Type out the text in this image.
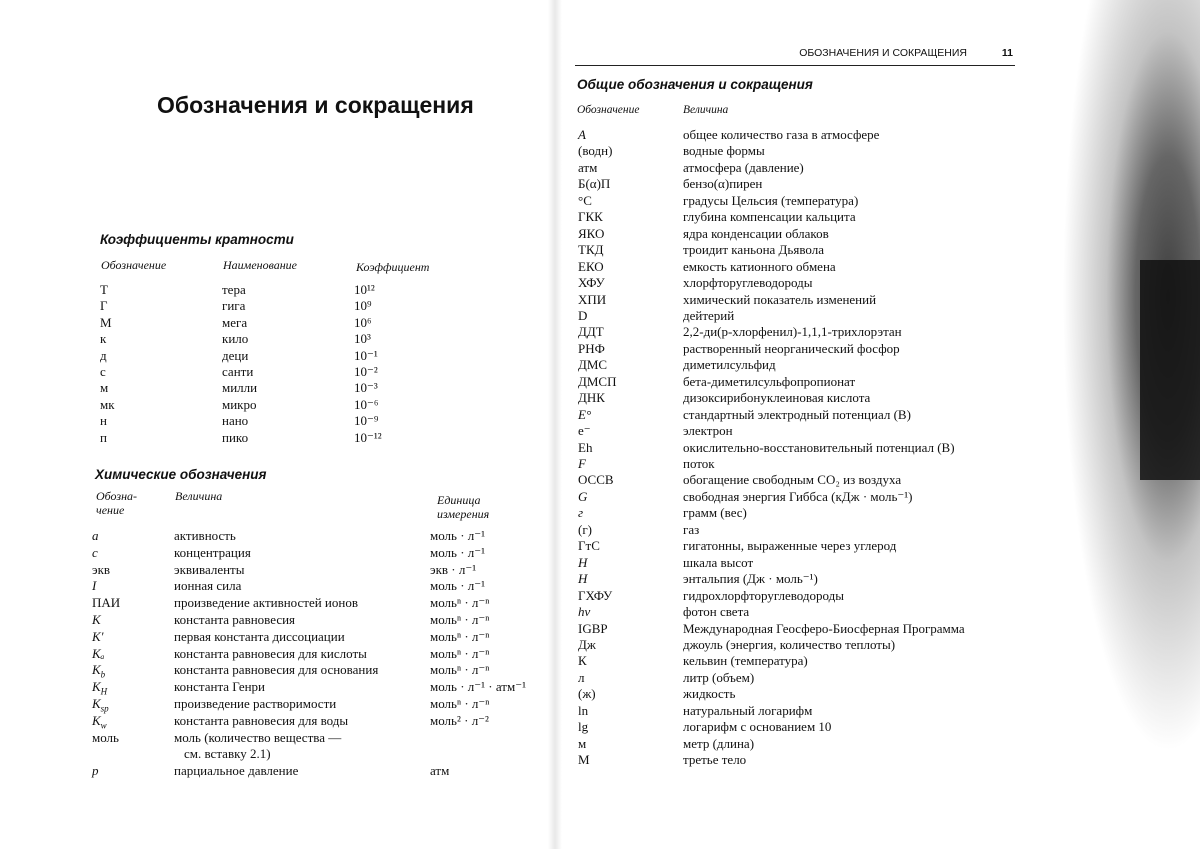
Обозначения и сокращения
Коэффициенты кратности
Обозначение	Наименование	Коэффициент
Т	тера	10¹²
Г	гига	10⁹
М	мега	10⁶
к	кило	10³
д	деци	10⁻¹
с	санти	10⁻²
м	милли	10⁻³
мк	микро	10⁻⁶
н	нано	10⁻⁹
п	пико	10⁻¹²
Химические обозначения
Обозна-
чение
Величина	Единица
измерения
a	активность	моль · л⁻¹
c	концентрация	моль · л⁻¹
экв	эквиваленты	экв · л⁻¹
I	ионная сила	моль · л⁻¹
ПАИ	произведение активностей ионов	мольⁿ · л⁻ⁿ
K	константа равновесия	мольⁿ · л⁻ⁿ
K'	первая константа диссоциации	мольⁿ · л⁻ⁿ
Kₐ	константа равновесия для кислоты	мольⁿ · л⁻ⁿ
$K_b$	константа равновесия для основания	мольⁿ · л⁻ⁿ
$K_H$	константа Генри	моль · л⁻¹ · атм⁻¹
$K_{sp}$	произведение растворимости	мольⁿ · л⁻ⁿ
$K_w$	константа равновесия для воды	моль² · л⁻²
моль	моль (количество вещества —
см. вставку 2.1)
p	парциальное давление	атм
ОБОЗНАЧЕНИЯ И СОКРАЩЕНИЯ	11
Общие обозначения и сокращения
Обозначение	Величина
A	общее количество газа в атмосфере
(водн)	водные формы
атм	атмосфера (давление)
Б(α)П	бензо(α)пирен
°C	градусы Цельсия (температура)
ГКК	глубина компенсации кальцита
ЯКО	ядра конденсации облаков
ТКД	троидит каньона Дьявола
ЕКО	емкость катионного обмена
ХФУ	хлорфторуглеводороды
ХПИ	химический показатель изменений
D	дейтерий
ДДТ	2,2-ди(р-хлорфенил)-1,1,1-трихлорэтан
РНФ	растворенный неорганический фосфор
ДМС	диметилсульфид
ДМСП	бета-диметилсульфопропионат
ДНК	дизоксирибонуклеиновая кислота
E°	стандартный электродный потенциал (В)
e⁻	электрон
Eh	окислительно-восстановительный потенциал (В)
F	поток
ОССВ	обогащение свободным CO₂ из воздуха
G	свободная энергия Гиббса (кДж · моль⁻¹)
г	грамм (вес)
(г)	газ
ГтС	гигатонны, выраженные через углерод
H	шкала высот
H	энтальпия (Дж · моль⁻¹)
ГХФУ	гидрохлорфторуглеводороды
hν	фотон света
IGBP	Международная Геосферо-Биосферная Программа
Дж	джоуль (энергия, количество теплоты)
К	кельвин (температура)
л	литр (объем)
(ж)	жидкость
ln	натуральный логарифм
lg	логарифм с основанием 10
м	метр (длина)
М	третье тело
